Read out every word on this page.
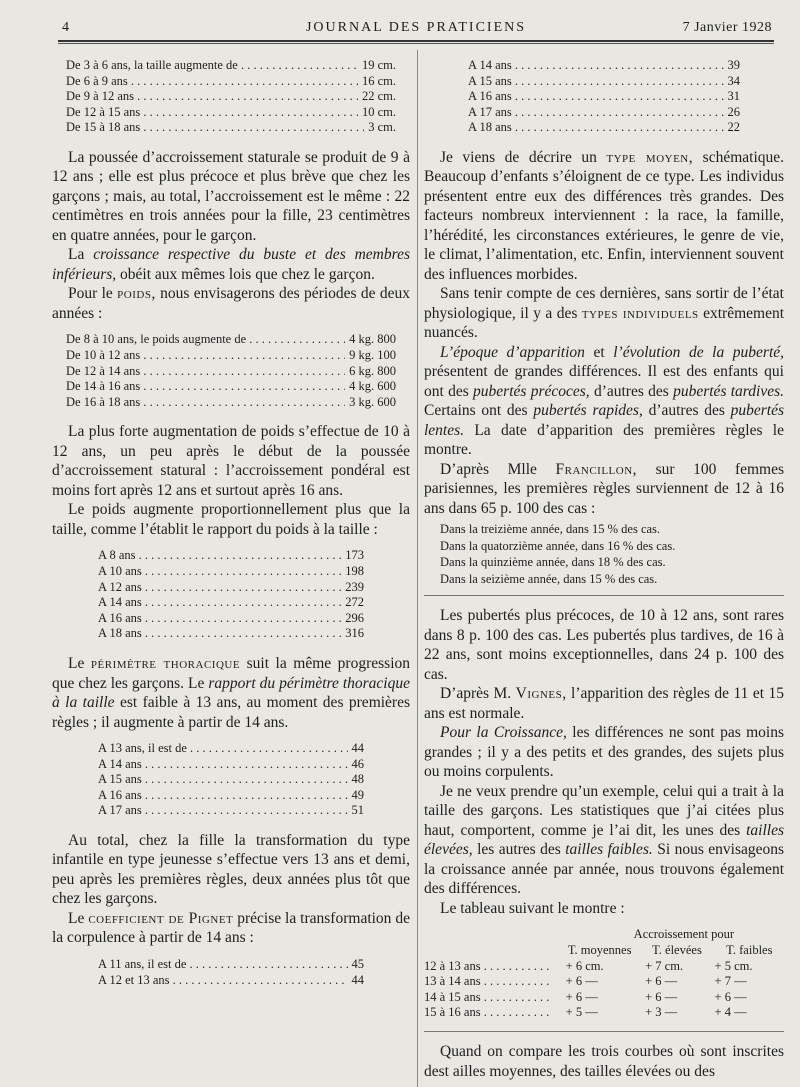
4	JOURNAL DES PRATICIENS	7 Janvier 1928
De 3 à 6 ans, la taille augmente de . . .	19 cm.
De 6 à 9 ans . . .	16 cm.
De 9 à 12 ans . . .	22 cm.
De 12 à 15 ans . . .	10 cm.
De 15 à 18 ans . . .	3 cm.

La poussée d’accroissement staturale se produit de 9 à 12 ans ; elle est plus précoce et plus brève que chez les garçons ; mais, au total, l’accroissement est le même : 22 centimètres en trois années pour la fille, 23 centimètres en quatre années, pour le garçon.

La croissance respective du buste et des membres inférieurs, obéit aux mêmes lois que chez le garçon.

Pour le poids, nous envisagerons des périodes de deux années :

De 8 à 10 ans, le poids augmente de . . .	4 kg. 800
De 10 à 12 ans . . .	9 kg. 100
De 12 à 14 ans . . .	6 kg. 800
De 14 à 16 ans . . .	4 kg. 600
De 16 à 18 ans . . .	3 kg. 600

La plus forte augmentation de poids s’effectue de 10 à 12 ans, un peu après le début de la poussée d’accroissement statural : l’accroissement pondéral est moins fort après 12 ans et surtout après 16 ans.

Le poids augmente proportionnellement plus que la taille, comme l’établit le rapport du poids à la taille :

A 8 ans . . .	173
A 10 ans . . .	198
A 12 ans . . .	239
A 14 ans . . .	272
A 16 ans . . .	296
A 18 ans . . .	316

Le périmètre thoracique suit la même progression que chez les garçons. Le rapport du périmètre thoracique à la taille est faible à 13 ans, au moment des premières règles ; il augmente à partir de 14 ans.

A 13 ans, il est de . . .	44
A 14 ans . . .	46
A 15 ans . . .	48
A 16 ans . . .	49
A 17 ans . . .	51

Au total, chez la fille la transformation du type infantile en type jeunesse s’effectue vers 13 ans et demi, peu après les premières règles, deux années plus tôt que chez les garçons.

Le coefficient de Pignet précise la transformation de la corpulence à partir de 14 ans :

A 11 ans, il est de . . .	45
A 12 et 13 ans . . .	44
A 14 ans . . .	39
A 15 ans . . .	34
A 16 ans . . .	31
A 17 ans . . .	26
A 18 ans . . .	22

Je viens de décrire un type moyen, schématique. Beaucoup d’enfants s’éloignent de ce type. Les individus présentent entre eux des différences très grandes. Des facteurs nombreux interviennent : la race, la famille, l’hérédité, les circonstances extérieures, le genre de vie, le climat, l’alimentation, etc. Enfin, interviennent souvent des influences morbides.

Sans tenir compte de ces dernières, sans sortir de l’état physiologique, il y a des types individuels extrêmement nuancés.

L’époque d’apparition et l’évolution de la puberté, présentent de grandes différences. Il est des enfants qui ont des pubertés précoces, d’autres des pubertés tardives. Certains ont des pubertés rapides, d’autres des pubertés lentes. La date d’apparition des premières règles le montre.

D’après Mlle Francillon, sur 100 femmes parisiennes, les premières règles surviennent de 12 à 16 ans dans 65 p. 100 des cas :

Dans la treizième année, dans 15 % des cas.
Dans la quatorzième année, dans 16 % des cas.
Dans la quinzième année, dans 18 % des cas.
Dans la seizième année, dans 15 % des cas.

Les pubertés plus précoces, de 10 à 12 ans, sont rares dans 8 p. 100 des cas. Les pubertés plus tardives, de 16 à 22 ans, sont moins exceptionnelles, dans 24 p. 100 des cas.

D’après M. Vignes, l’apparition des règles de 11 et 15 ans est normale.

Pour la Croissance, les différences ne sont pas moins grandes ; il y a des petits et des grandes, des sujets plus ou moins corpulents.

Je ne veux prendre qu’un exemple, celui qui a trait à la taille des garçons. Les statistiques que j’ai citées plus haut, comportent, comme je l’ai dit, les unes des tailles élevées, les autres des tailles faibles. Si nous envisageons la croissance année par année, nous trouvons également des différences.

Le tableau suivant le montre :

Accroissement pour
T. moyennes	T. élevées	T. faibles
12 à 13 ans . . .	+ 6 cm.	+ 7 cm.	+ 5 cm.
13 à 14 ans . . .	+ 6 —	+ 6 —	+ 7 —
14 à 15 ans . . .	+ 6 —	+ 6 —	+ 6 —
15 à 16 ans . . .	+ 5 —	+ 3 —	+ 4 —

Quand on compare les trois courbes où sont inscrites dest ailles moyennes, des tailles élevées ou des
